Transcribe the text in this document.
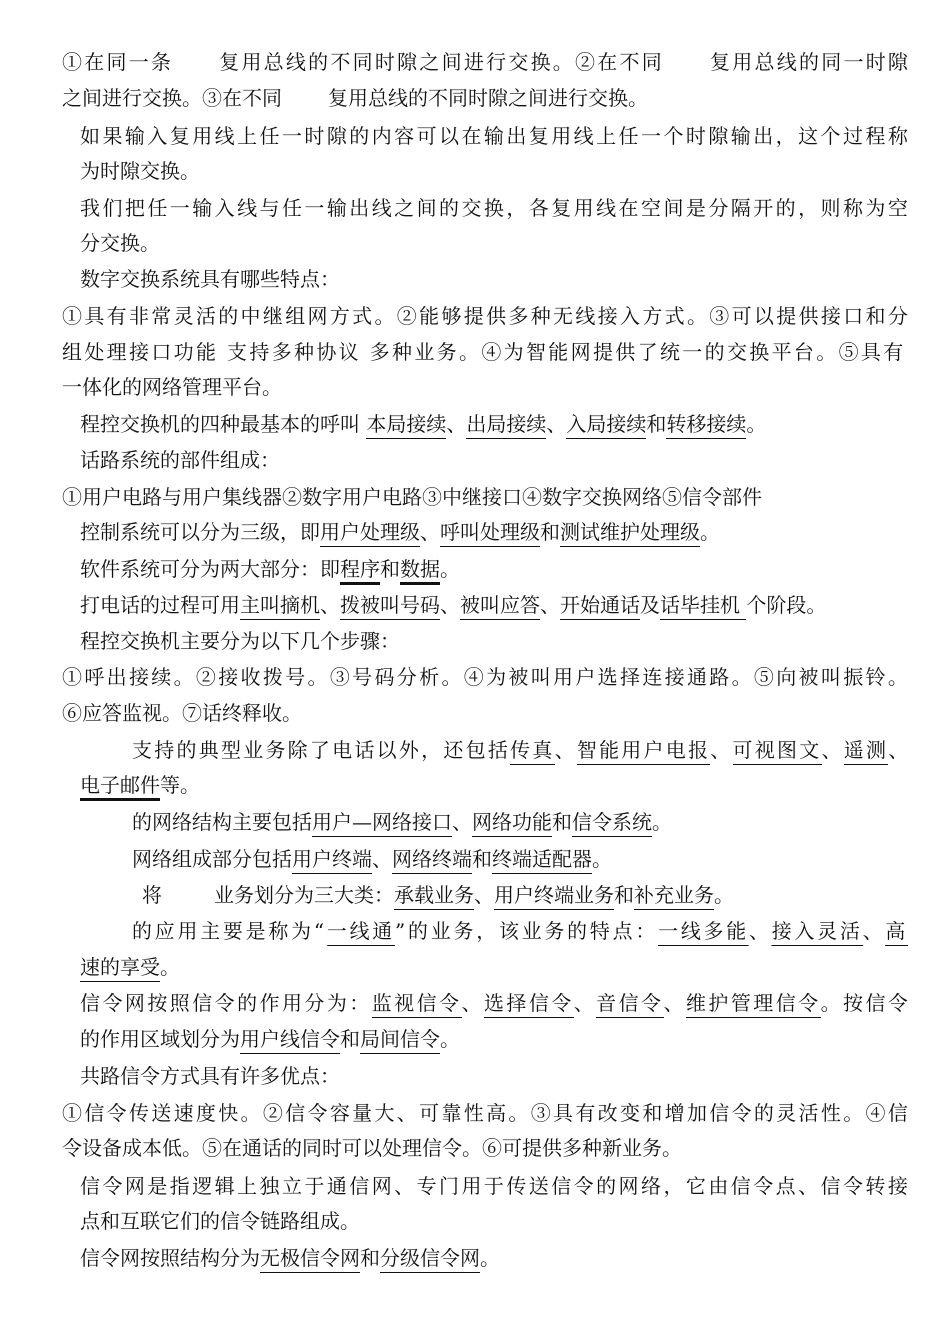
①在同一条 复用总线的不同时隙之间进行交换。②在不同 复用总线的同一时隙
之间进行交换。③在不同 复用总线的不同时隙之间进行交换。
如果输入复用线上任一时隙的内容可以在输出复用线上任一个时隙输出，这个过程称
为时隙交换。
我们把任一输入线与任一输出线之间的交换，各复用线在空间是分隔开的，则称为空
分交换。
数字交换系统具有哪些特点：
①具有非常灵活的中继组网方式。②能够提供多种无线接入方式。③可以提供接口和分
组处理接口功能 支持多种协议 多种业务。④为智能网提供了统一的交换平台。⑤具有
一体化的网络管理平台。
程控交换机的四种最基本的呼叫 本局接续、出局接续、入局接续和转移接续。
话路系统的部件组成：
①用户电路与用户集线器②数字用户电路③中继接口④数字交换网络⑤信令部件
控制系统可以分为三级，即用户处理级、呼叫处理级和测试维护处理级。
软件系统可分为两大部分：即程序和数据。
打电话的过程可用主叫摘机、拨被叫号码、被叫应答、开始通话及话毕挂机 个阶段。
程控交换机主要分为以下几个步骤：
①呼出接续。②接收拨号。③号码分析。④为被叫用户选择连接通路。⑤向被叫振铃。
⑥应答监视。⑦话终释收。
支持的典型业务除了电话以外，还包括传真、智能用户电报、可视图文、遥测、
电子邮件等。
的网络结构主要包括用户—网络接口、网络功能和信令系统。
网络组成部分包括用户终端、网络终端和终端适配器。
将	业务划分为三大类：承载业务、用户终端业务和补充业务。
的应用主要是称为“一线通”的业务，该业务的特点：一线多能、接入灵活、高
速的享受。
信令网按照信令的作用分为：监视信令、选择信令、音信令、维护管理信令。按信令
的作用区域划分为用户线信令和局间信令。
共路信令方式具有许多优点：
①信令传送速度快。②信令容量大、可靠性高。③具有改变和增加信令的灵活性。④信
令设备成本低。⑤在通话的同时可以处理信令。⑥可提供多种新业务。
信令网是指逻辑上独立于通信网、专门用于传送信令的网络，它由信令点、信令转接
点和互联它们的信令链路组成。
信令网按照结构分为无极信令网和分级信令网。
